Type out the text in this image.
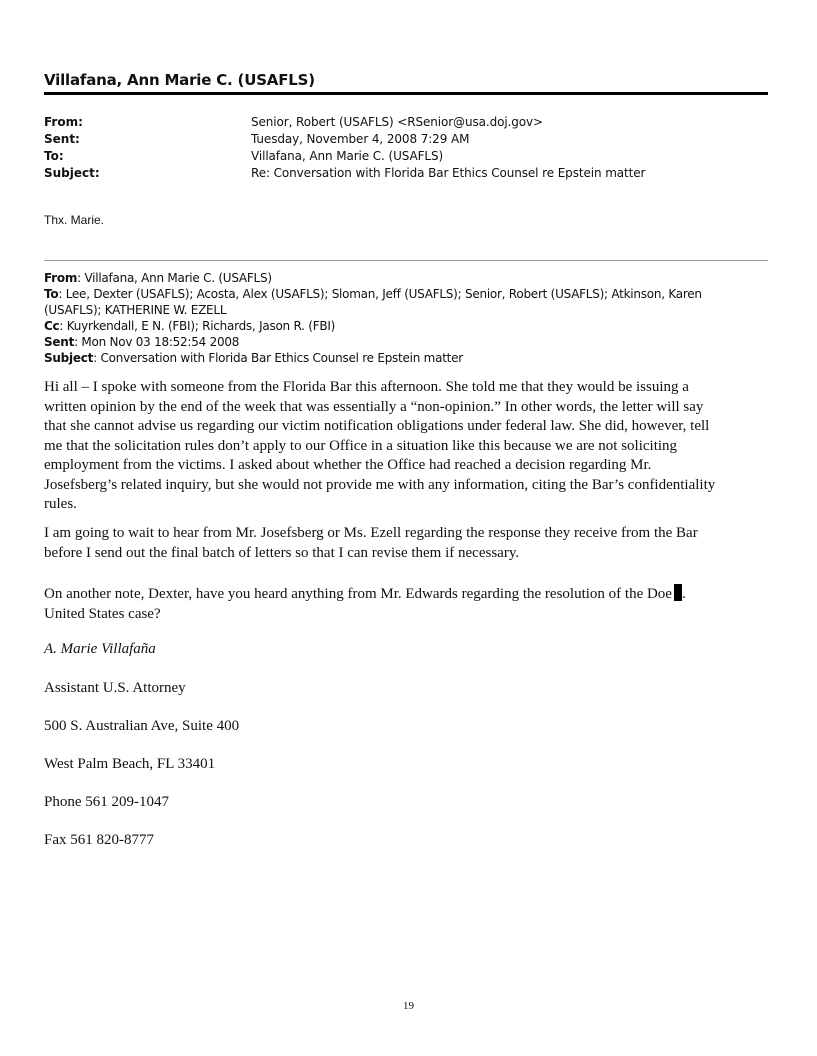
Villafana, Ann Marie C. (USAFLS)
From:	Senior, Robert (USAFLS) <RSenior@usa.doj.gov>
Sent:	Tuesday, November 4, 2008 7:29 AM
To:	Villafana, Ann Marie C. (USAFLS)
Subject:	Re: Conversation with Florida Bar Ethics Counsel re Epstein matter
Thx. Marie.
From: Villafana, Ann Marie C. (USAFLS)
To: Lee, Dexter (USAFLS); Acosta, Alex (USAFLS); Sloman, Jeff (USAFLS); Senior, Robert (USAFLS); Atkinson, Karen
(USAFLS); KATHERINE W. EZELL
Cc: Kuyrkendall, E N. (FBI); Richards, Jason R. (FBI)
Sent: Mon Nov 03 18:52:54 2008
Subject: Conversation with Florida Bar Ethics Counsel re Epstein matter
Hi all – I spoke with someone from the Florida Bar this afternoon. She told me that they would be issuing a
written opinion by the end of the week that was essentially a “non-opinion.” In other words, the letter will say
that she cannot advise us regarding our victim notification obligations under federal law. She did, however, tell
me that the solicitation rules don’t apply to our Office in a situation like this because we are not soliciting
employment from the victims. I asked about whether the Office had reached a decision regarding Mr.
Josefsberg’s related inquiry, but she would not provide me with any information, citing the Bar’s confidentiality
rules.
I am going to wait to hear from Mr. Josefsberg or Ms. Ezell regarding the response they receive from the Bar
before I send out the final batch of letters so that I can revise them if necessary.
On another note, Dexter, have you heard anything from Mr. Edwards regarding the resolution of the Doe .
United States case?
A. Marie Villafaña
Assistant U.S. Attorney
500 S. Australian Ave, Suite 400
West Palm Beach, FL 33401
Phone 561 209-1047
Fax 561 820-8777
19
